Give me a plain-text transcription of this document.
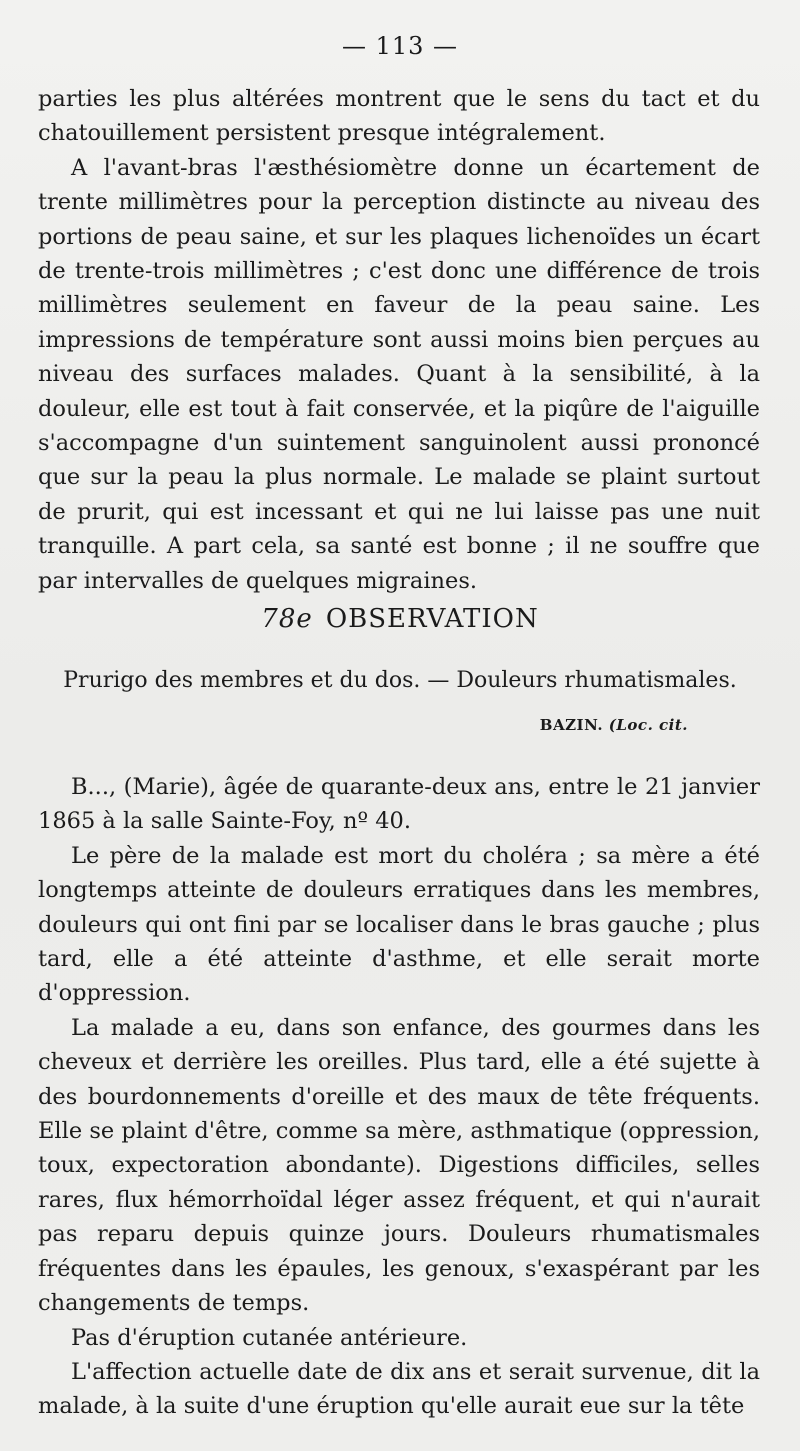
— 113 —

parties les plus altérées montrent que le sens du tact et du chatouillement persistent presque intégralement.

A l'avant-bras l'æsthésiomètre donne un écartement de trente millimètres pour la perception distincte au niveau des portions de peau saine, et sur les plaques lichenoïdes un écart de trente-trois millimètres ; c'est donc une différence de trois millimètres seulement en faveur de la peau saine. Les impressions de température sont aussi moins bien perçues au niveau des surfaces malades. Quant à la sensibilité, à la douleur, elle est tout à fait conservée, et la piqûre de l'aiguille s'accompagne d'un suintement sanguinolent aussi prononcé que sur la peau la plus normale. Le malade se plaint surtout de prurit, qui est incessant et qui ne lui laisse pas une nuit tranquille. A part cela, sa santé est bonne ; il ne souffre que par intervalles de quelques migraines.

78e OBSERVATION
Prurigo des membres et du dos. — Douleurs rhumatismales.
BAZIN. (Loc. cit.

B..., (Marie), âgée de quarante-deux ans, entre le 21 janvier 1865 à la salle Sainte-Foy, nº 40.

Le père de la malade est mort du choléra ; sa mère a été longtemps atteinte de douleurs erratiques dans les membres, douleurs qui ont fini par se localiser dans le bras gauche ; plus tard, elle a été atteinte d'asthme, et elle serait morte d'oppression.

La malade a eu, dans son enfance, des gourmes dans les cheveux et derrière les oreilles. Plus tard, elle a été sujette à des bourdonnements d'oreille et des maux de tête fréquents. Elle se plaint d'être, comme sa mère, asthmatique (oppression, toux, expectoration abondante). Digestions difficiles, selles rares, flux hémorrhoïdal léger assez fréquent, et qui n'aurait pas reparu depuis quinze jours. Douleurs rhumatismales fréquentes dans les épaules, les genoux, s'exaspérant par les changements de temps.

Pas d'éruption cutanée antérieure.

L'affection actuelle date de dix ans et serait survenue, dit la malade, à la suite d'une éruption qu'elle aurait eue sur la tête
